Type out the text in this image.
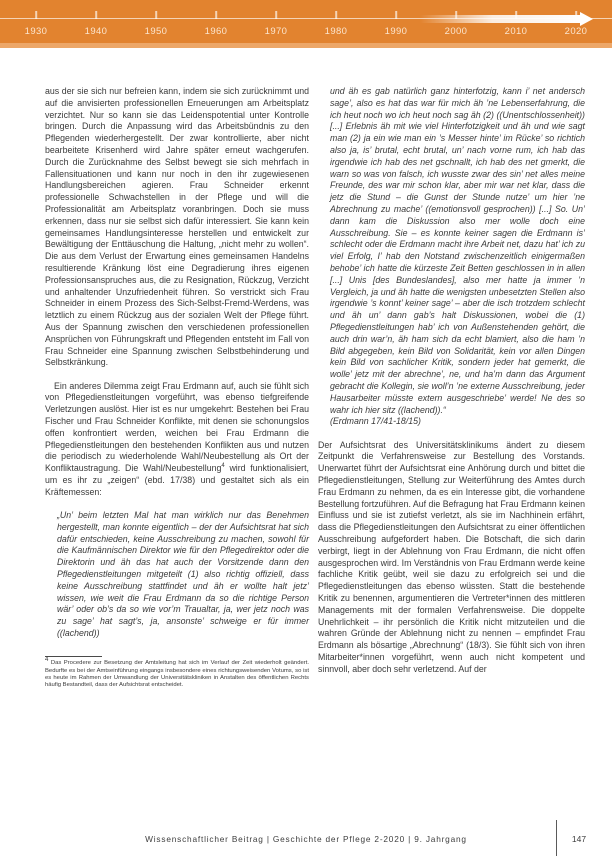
1930	1940	1950	1960	1970	1980	1990	2000	2010	2020

aus der sie sich nur befreien kann, indem sie sich zurücknimmt und auf die anvisierten professionellen Erneuerungen am Arbeitsplatz verzichtet. Nur so kann sie das Leidenspotential unter Kontrolle bringen. Durch die Anpassung wird das Arbeitsbündnis zu den Pflegenden wiederhergestellt. Der zwar kontrollierte, aber nicht bearbeitete Krisenherd wird Jahre später erneut wachgerufen. Durch die Zurücknahme des Selbst bewegt sie sich mehrfach in Fallensituationen und kann nur noch in den ihr zugewiesenen Handlungsbereichen agieren. Frau Schneider erkennt professionelle Schwachstellen in der Pflege und will die Professionalität am Arbeitsplatz voranbringen. Doch sie muss erkennen, dass nur sie selbst sich dafür interessiert. Sie kann kein gemeinsames Handlungsinteresse herstellen und entwickelt zur Bewältigung der Enttäuschung die Haltung, „nicht mehr zu wollen“. Die aus dem Verlust der Erwartung eines gemeinsamen Handelns resultierende Kränkung löst eine Degradierung ihres eigenen Professionsanspruches aus, die zu Resignation, Rückzug, Verzicht und anhaltender Unzufriedenheit führen. So verstrickt sich Frau Schneider in einem Prozess des Sich-Selbst-Fremd-Werdens, was letztlich zu einem Rückzug aus der sozialen Welt der Pflege führt. Aus der Spannung zwischen den verschiedenen professionellen Ansprüchen von Führungskraft und Pflegenden entsteht im Fall von Frau Schneider eine Spannung zwischen Selbstbehinderung und Selbstkränkung.

Ein anderes Dilemma zeigt Frau Erdmann auf, auch sie fühlt sich von Pflegedienstleitungen vorgeführt, was ebenso tiefgreifende Verletzungen auslöst. Hier ist es nur umgekehrt: Bestehen bei Frau Fischer und Frau Schneider Konflikte, mit denen sie schonungslos offen konfrontiert werden, weichen bei Frau Erdmann die Pflegedienstleitungen den bestehenden Konflikten aus und nutzen die periodisch zu wiederholende Wahl/Neubestellung als Ort der Konfliktaustragung. Die Wahl/Neubestellung$^4$ wird funktionalisiert, um es ihr zu „zeigen“ (ebd. 17/38) und gestaltet sich als ein Kräftemessen:

„Un’ beim letzten Mal hat man wirklich nur das Benehmen hergestellt, man konnte eigentlich – der der Aufsichtsrat hat sich dafür entschieden, keine Ausschreibung zu machen, sowohl für die Kaufmännischen Direktor wie für den Pflegedirektor oder die Direktorin und äh das hat auch der Vorsitzende dann den Pflegedienstleitungen mitgeteilt (1) also richtig offiziell, dass keine Ausschreibung stattfindet und äh er wollte halt jetz’ wissen, wie weit die Frau Erdmann da so die richtige Person wär’ oder ob’s da so wie vor’m Traualtar, ja, wer jetz noch was zu sage’ hat sagt’s, ja, ansonste’ schweige er für immer ((lachend))

$^4$ Das Procedere zur Besetzung der Amtsleitung hat sich im Verlauf der Zeit wiederholt geändert. Bedurfte es bei der Amtseinführung eingangs insbesondere eines richtungsweisenden Votums, so ist es heute im Rahmen der Umwandlung der Universitätskliniken in Anstalten des öffentlichen Rechts häufig Bestandteil, dass der Aufsichtsrat entscheidet.

und äh es gab natürlich ganz hinterfotzig, kann i’ net andersch sage’, also es hat das war für mich äh ’ne Lebenserfahrung, die ich heut noch wo ich heut noch sag äh (2) ((Unentschlossenheit)) [...] Erlebnis äh mit wie viel Hinterfotzigkeit und äh und wie sagt man (2) ja ein wie man ein ’s Messer hinte’ im Rücke’ so richtich also ja, is’ brutal, echt brutal, un’ nach vorne rum, ich hab das irgendwie ich hab des net gschnallt, ich hab des net gmerkt, die warn so was von falsch, ich wusste zwar des sin’ net alles meine Freunde, des war mir schon klar, aber mir war net klar, dass die jetz die Stund – die Gunst der Stunde nutze’ um hier ’ne Abrechnung zu mache’ ((emotionsvoll gesprochen)) [...] So. Un’ dann kam die Diskussion also mer wolle doch eine Ausschreibung. Sie – es konnte keiner sagen die Erdmann is’ schlecht oder die Erdmann macht ihre Arbeit net, dazu hat’ ich zu viel Erfolg, I’ hab den Notstand zwischenzeitlich einigermaßen behobe’ ich hatte die kürzeste Zeit Betten geschlossen in in allen [...] Unis [des Bundeslandes], also mer hatte ja immer ’n Vergleich, ja und äh hatte die wenigsten unbesetzten Stellen also irgendwie ’s konnt’ keiner sage’ – aber die isch trotzdem schlecht und äh un’ dann gab’s halt Diskussionen, wobei die (1) Pflegedienstleitungen hab’ ich von Außenstehenden gehört, die auch drin war’n, äh ham sich da echt blamiert, also die ham ’n Bild abgegeben, kein Bild von Solidarität, kein vor allen Dingen kein Bild von sachlicher Kritik, sondern jeder hat gemerkt, die wolle’ jetz mit der abrechne’, ne, und ha’m dann das Argument gebracht die Kollegin, sie woll’n ’ne externe Ausschreibung, jeder Hausarbeiter müsste extern ausgeschriebe’ werde! Ne des so wahr ich hier sitz ((lachend)).“
(Erdmann 17/41-18/15)

Der Aufsichtsrat des Universitätsklinikums ändert zu diesem Zeitpunkt die Verfahrensweise zur Bestellung des Vorstands. Unerwartet führt der Aufsichtsrat eine Anhörung durch und bittet die Pflegedienstleitungen, Stellung zur Weiterführung des Amtes durch Frau Erdmann zu nehmen, da es ein Interesse gibt, die vorhandene Bestellung fortzuführen. Auf die Befragung hat Frau Erdmann keinen Einfluss und sie ist zutiefst verletzt, als sie im Nachhinein erfährt, dass die Pflegedienstleitungen den Aufsichtsrat zu einer öffentlichen Ausschreibung aufgefordert haben. Die Botschaft, die sich darin verbirgt, liegt in der Ablehnung von Frau Erdmann, die nicht offen ausgesprochen wird. Im Verständnis von Frau Erdmann werde keine fachliche Kritik geübt, weil sie dazu zu erfolgreich sei und die Pflegedienstleitungen das ebenso wüssten. Statt die bestehende Kritik zu benennen, argumentieren die Vertreter*innen des mittleren Managements mit der formalen Verfahrensweise. Die doppelte Unehrlichkeit – ihr persönlich die Kritik nicht mitzuteilen und die wahren Gründe der Ablehnung nicht zu nennen – empfindet Frau Erdmann als bösartige „Abrechnung“ (18/3). Sie fühlt sich von ihren Mitarbeiter*innen vorgeführt, wenn auch nicht kompetent und sinnvoll, aber doch sehr verletzend. Auf der

Wissenschaftlicher Beitrag | Geschichte der Pflege 2-2020 | 9. Jahrgang	147
